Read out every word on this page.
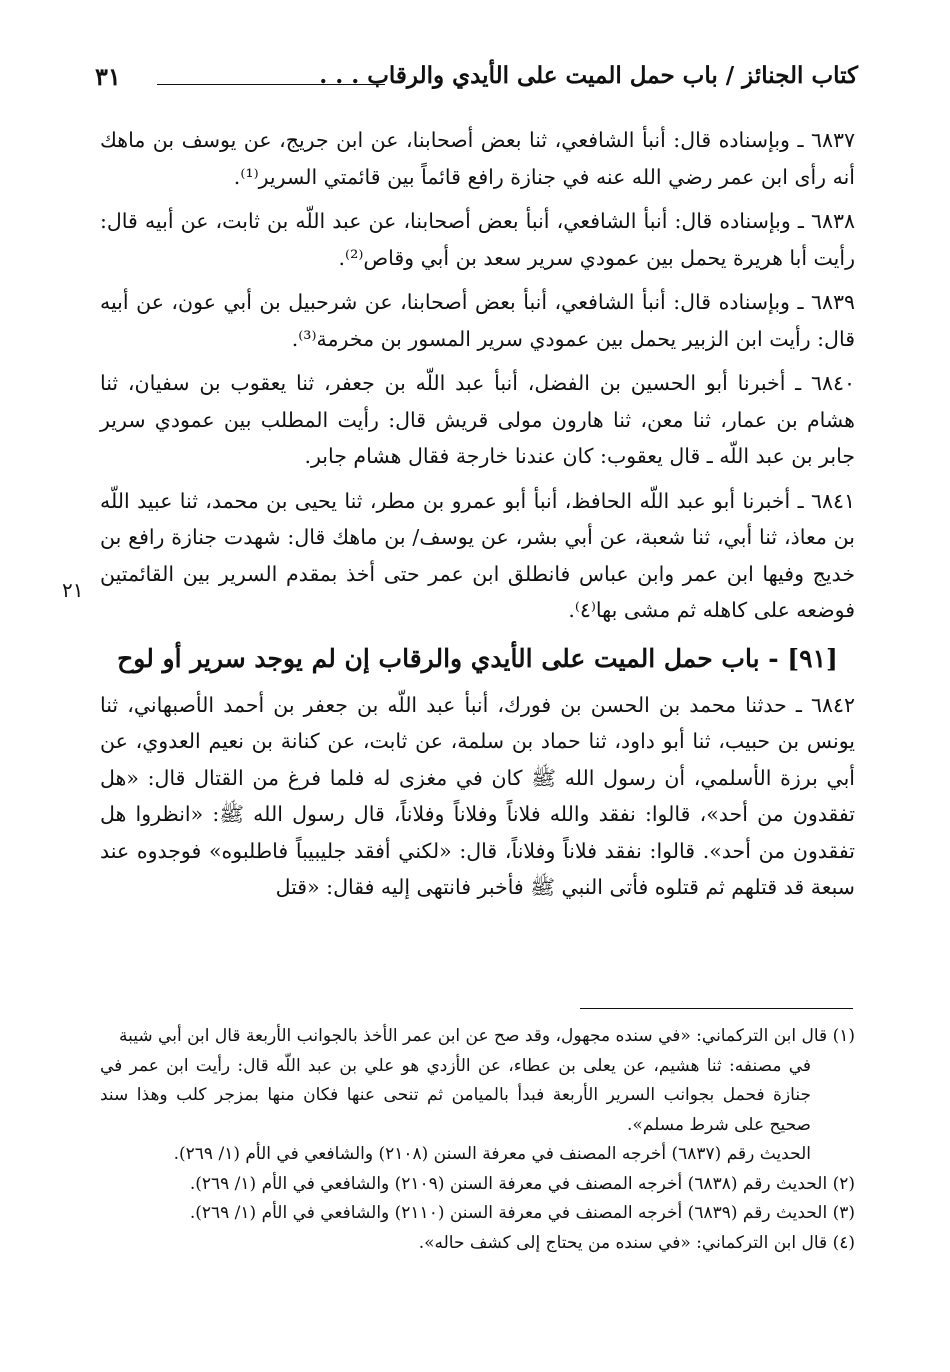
كتاب الجنائز / باب حمل الميت على الأيدي والرقاب . . .
٣١

٦٨٣٧ ـ وبإسناده قال: أنبأ الشافعي، ثنا بعض أصحابنا، عن ابن جريج، عن يوسف بن ماهك أنه رأى ابن عمر رضي الله عنه في جنازة رافع قائماً بين قائمتي السرير⁽¹⁾.

٦٨٣٨ ـ وبإسناده قال: أنبأ الشافعي، أنبأ بعض أصحابنا، عن عبد اللّه بن ثابت، عن أبيه قال: رأيت أبا هريرة يحمل بين عمودي سرير سعد بن أبي وقاص⁽²⁾.

٦٨٣٩ ـ وبإسناده قال: أنبأ الشافعي، أنبأ بعض أصحابنا، عن شرحبيل بن أبي عون، عن أبيه قال: رأيت ابن الزبير يحمل بين عمودي سرير المسور بن مخرمة⁽³⁾.

٦٨٤٠ ـ أخبرنا أبو الحسين بن الفضل، أنبأ عبد اللّه بن جعفر، ثنا يعقوب بن سفيان، ثنا هشام بن عمار، ثنا معن، ثنا هارون مولى قريش قال: رأيت المطلب بين عمودي سرير جابر بن عبد اللّه ـ قال يعقوب: كان عندنا خارجة فقال هشام جابر.

٦٨٤١ ـ أخبرنا أبو عبد اللّه الحافظ، أنبأ أبو عمرو بن مطر، ثنا يحيى بن محمد، ثنا عبيد اللّه بن معاذ، ثنا أبي، ثنا شعبة، عن أبي بشر، عن يوسف/ بن ماهك قال: شهدت جنازة رافع بن خديج وفيها ابن عمر وابن عباس فانطلق ابن عمر حتى أخذ بمقدم السرير بين القائمتين فوضعه على كاهله ثم مشى بها⁽٤⁾.

[٩١] - باب حمل الميت على الأيدي والرقاب إن لم يوجد سرير أو لوح

٦٨٤٢ ـ حدثنا محمد بن الحسن بن فورك، أنبأ عبد اللّه بن جعفر بن أحمد الأصبهاني، ثنا يونس بن حبيب، ثنا أبو داود، ثنا حماد بن سلمة، عن ثابت، عن كنانة بن نعيم العدوي، عن أبي برزة الأسلمي، أن رسول الله ﷺ كان في مغزى له فلما فرغ من القتال قال: «هل تفقدون من أحد»، قالوا: نفقد والله فلاناً وفلاناً وفلاناً، قال رسول الله ﷺ: «انظروا هل تفقدون من أحد». قالوا: نفقد فلاناً وفلاناً، قال: «لكني أفقد جليبيباً فاطلبوه» فوجدوه عند سبعة قد قتلهم ثم قتلوه فأتى النبي ﷺ فأخبر فانتهى إليه فقال: «قتل

٢١

(١) قال ابن التركماني: «في سنده مجهول، وقد صح عن ابن عمر الأخذ بالجوانب الأربعة قال ابن أبي شيبة

في مصنفه: ثنا هشيم، عن يعلى بن عطاء، عن الأزدي هو علي بن عبد اللّه قال: رأيت ابن عمر في جنازة فحمل بجوانب السرير الأربعة فبدأ بالميامن ثم تنحى عنها فكان منها بمزجر كلب وهذا سند صحيح على شرط مسلم».

الحديث رقم (٦٨٣٧) أخرجه المصنف في معرفة السنن (٢١٠٨) والشافعي في الأم (١/ ٢٦٩).

(٢) الحديث رقم (٦٨٣٨) أخرجه المصنف في معرفة السنن (٢١٠٩) والشافعي في الأم (١/ ٢٦٩).

(٣) الحديث رقم (٦٨٣٩) أخرجه المصنف في معرفة السنن (٢١١٠) والشافعي في الأم (١/ ٢٦٩).

(٤) قال ابن التركماني: «في سنده من يحتاج إلى كشف حاله».
